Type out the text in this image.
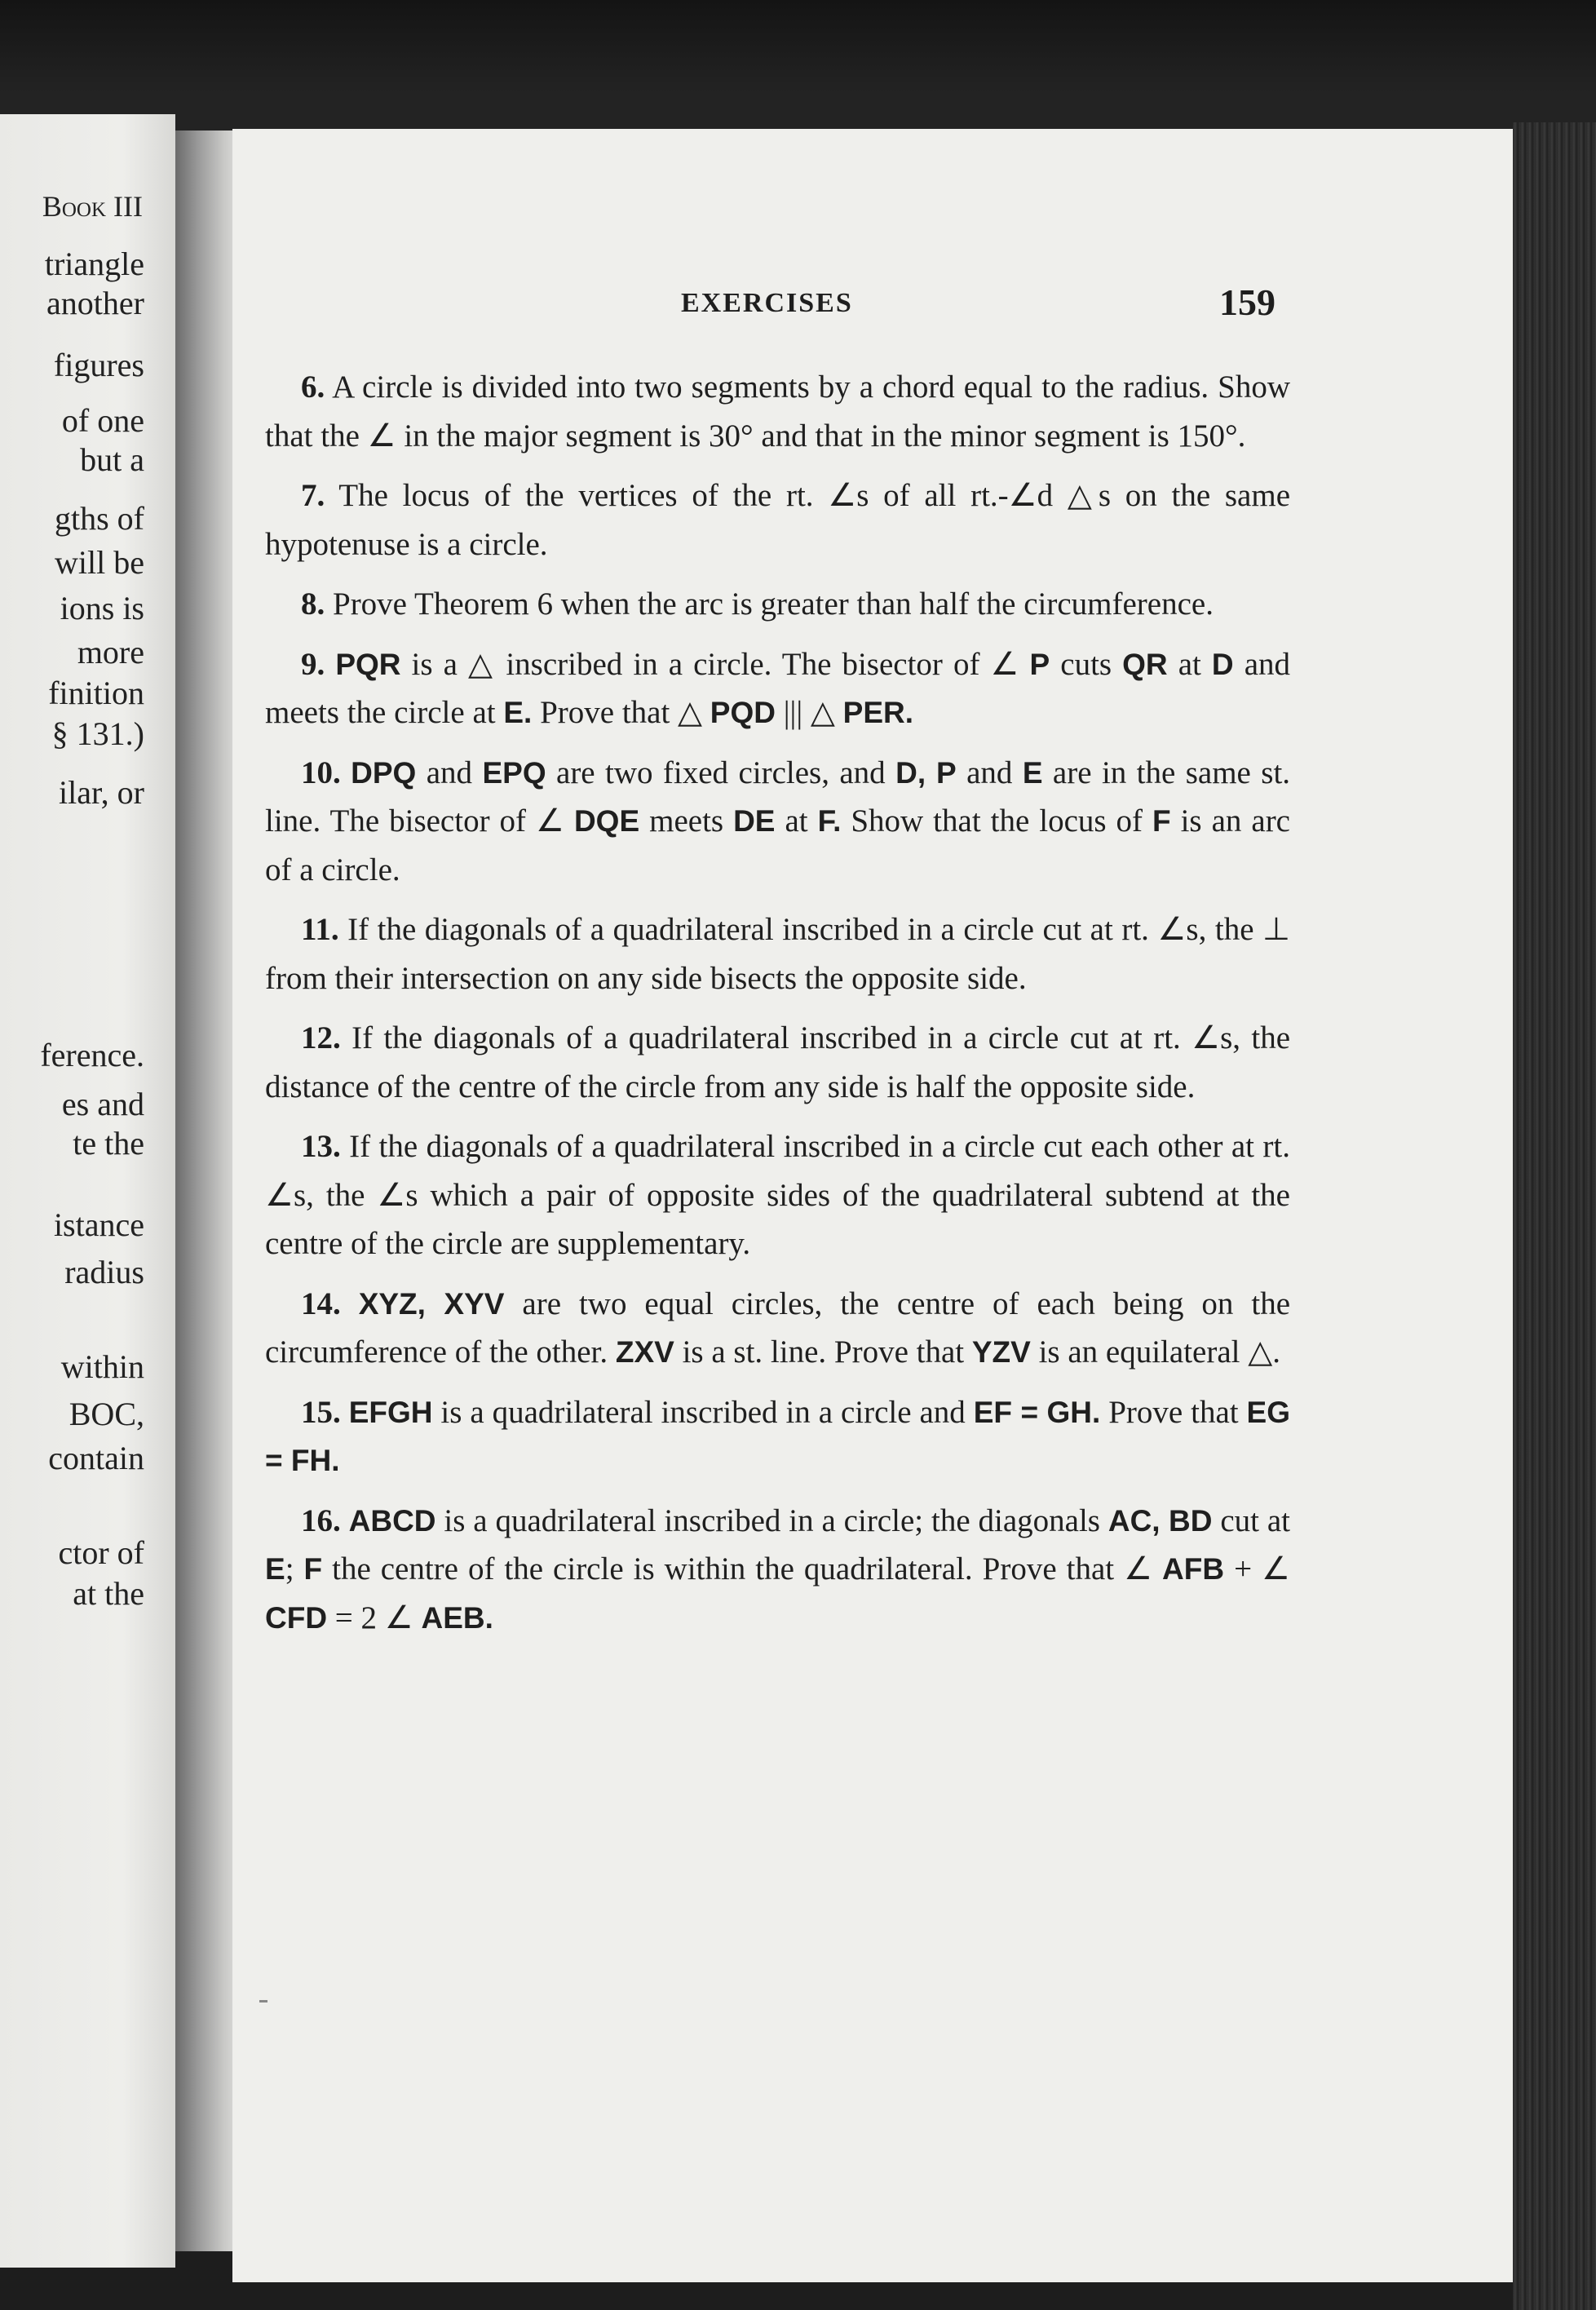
Book III
triangle
another
figures
of one
but a
gths of
will be
ions is
more
finition
§ 131.)
ilar, or
ference.
es and
te the
istance
radius
within
BOC,
contain
ctor of
at the
EXERCISES	159

6. A circle is divided into two segments by a chord equal to the radius. Show that the ∠ in the major segment is 30° and that in the minor segment is 150°.

7. The locus of the vertices of the rt. ∠s of all rt.-∠d △s on the same hypotenuse is a circle.

8. Prove Theorem 6 when the arc is greater than half the circumference.

9. PQR is a △ inscribed in a circle. The bisector of ∠ P cuts QR at D and meets the circle at E. Prove that △ PQD ||| △ PER.

10. DPQ and EPQ are two fixed circles, and D, P and E are in the same st. line. The bisector of ∠ DQE meets DE at F. Show that the locus of F is an arc of a circle.

11. If the diagonals of a quadrilateral inscribed in a circle cut at rt. ∠s, the ⊥ from their intersection on any side bisects the opposite side.

12. If the diagonals of a quadrilateral inscribed in a circle cut at rt. ∠s, the distance of the centre of the circle from any side is half the opposite side.

13. If the diagonals of a quadrilateral inscribed in a circle cut each other at rt. ∠s, the ∠s which a pair of opposite sides of the quadrilateral subtend at the centre of the circle are supplementary.

14. XYZ, XYV are two equal circles, the centre of each being on the circumference of the other. ZXV is a st. line. Prove that YZV is an equilateral △.

15. EFGH is a quadrilateral inscribed in a circle and EF = GH. Prove that EG = FH.

16. ABCD is a quadrilateral inscribed in a circle; the diagonals AC, BD cut at E; F the centre of the circle is within the quadrilateral. Prove that ∠ AFB + ∠ CFD = 2 ∠ AEB.
